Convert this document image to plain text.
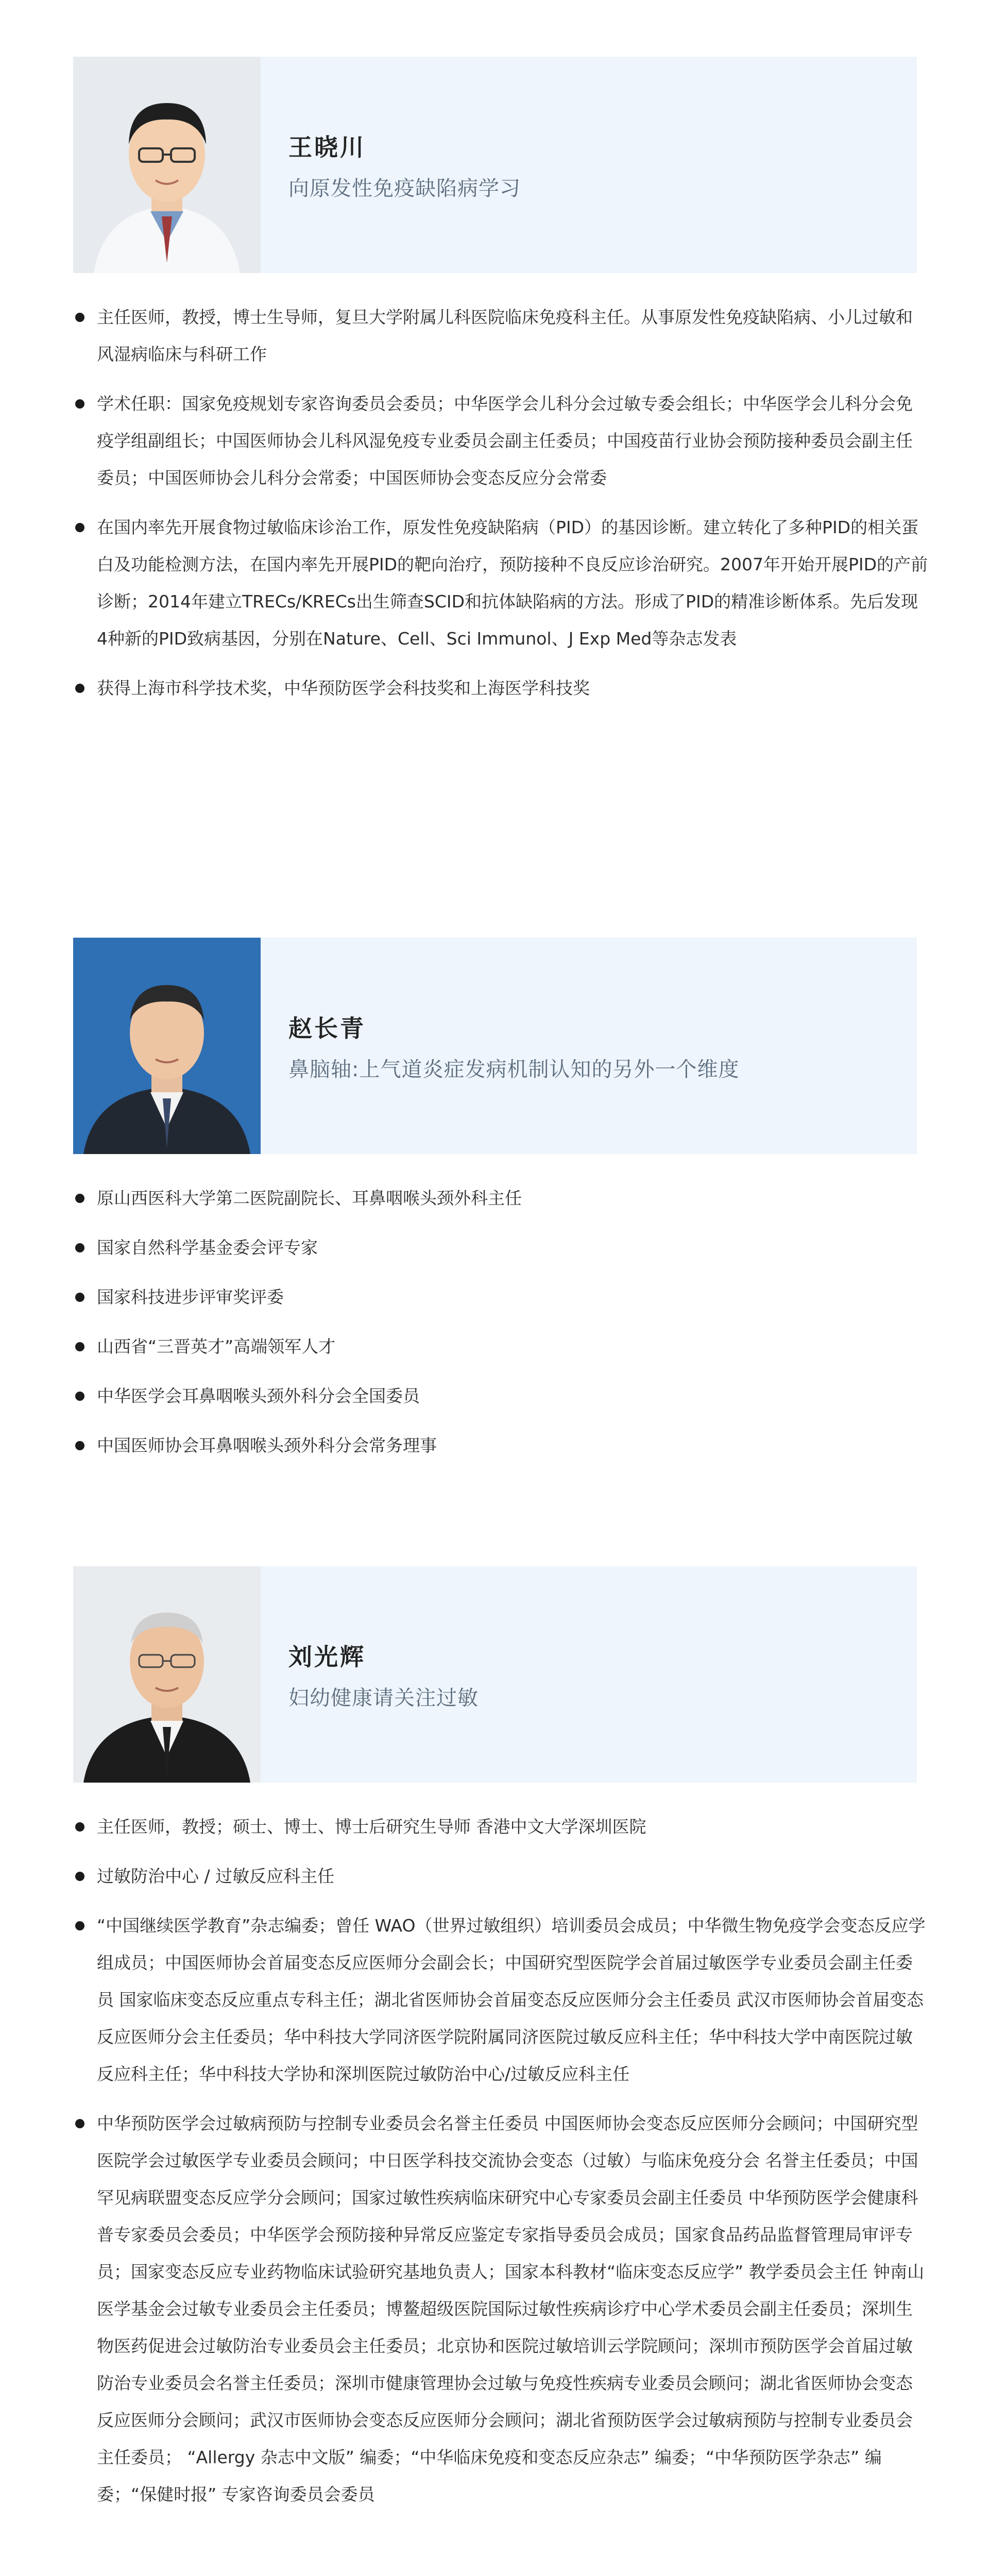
王晓川

向原发性免疫缺陷病学习

主任医师，教授，博士生导师，复旦大学附属儿科医院临床免疫科主任。从事原发性免疫缺陷病、小儿过敏和风湿病临床与科研工作
学术任职：国家免疫规划专家咨询委员会委员；中华医学会儿科分会过敏专委会组长；中华医学会儿科分会免疫学组副组长；中国医师协会儿科风湿免疫专业委员会副主任委员；中国疫苗行业协会预防接种委员会副主任委员；中国医师协会儿科分会常委；中国医师协会变态反应分会常委
在国内率先开展食物过敏临床诊治工作，原发性免疫缺陷病（PID）的基因诊断。建立转化了多种PID的相关蛋白及功能检测方法，在国内率先开展PID的靶向治疗，预防接种不良反应诊治研究。2007年开始开展PID的产前诊断；2014年建立TRECs/KRECs出生筛查SCID和抗体缺陷病的方法。形成了PID的精准诊断体系。先后发现4种新的PID致病基因，分别在Nature、Cell、Sci Immunol、J Exp Med等杂志发表
获得上海市科学技术奖，中华预防医学会科技奖和上海医学科技奖

赵长青

鼻脑轴:上气道炎症发病机制认知的另外一个维度

原山西医科大学第二医院副院长、耳鼻咽喉头颈外科主任
国家自然科学基金委会评专家
国家科技进步评审奖评委
山西省“三晋英才”高端领军人才
中华医学会耳鼻咽喉头颈外科分会全国委员
中国医师协会耳鼻咽喉头颈外科分会常务理事

刘光辉

妇幼健康请关注过敏

主任医师，教授；硕士、博士、博士后研究生导师 香港中文大学深圳医院
过敏防治中心 / 过敏反应科主任
“中国继续医学教育”杂志编委；曾任 WAO（世界过敏组织）培训委员会成员；中华微生物免疫学会变态反应学组成员；中国医师协会首届变态反应医师分会副会长；中国研究型医院学会首届过敏医学专业委员会副主任委员 国家临床变态反应重点专科主任；湖北省医师协会首届变态反应医师分会主任委员 武汉市医师协会首届变态反应医师分会主任委员；华中科技大学同济医学院附属同济医院过敏反应科主任；华中科技大学中南医院过敏反应科主任；华中科技大学协和深圳医院过敏防治中心/过敏反应科主任
中华预防医学会过敏病预防与控制专业委员会名誉主任委员 中国医师协会变态反应医师分会顾问；中国研究型医院学会过敏医学专业委员会顾问；中日医学科技交流协会变态（过敏）与临床免疫分会 名誉主任委员；中国罕见病联盟变态反应学分会顾问；国家过敏性疾病临床研究中心专家委员会副主任委员 中华预防医学会健康科普专家委员会委员；中华医学会预防接种异常反应鉴定专家指导委员会成员；国家食品药品监督管理局审评专员；国家变态反应专业药物临床试验研究基地负责人；国家本科教材“临床变态反应学” 教学委员会主任 钟南山医学基金会过敏专业委员会主任委员；博鳌超级医院国际过敏性疾病诊疗中心学术委员会副主任委员；深圳生物医药促进会过敏防治专业委员会主任委员；北京协和医院过敏培训云学院顾问；深圳市预防医学会首届过敏防治专业委员会名誉主任委员；深圳市健康管理协会过敏与免疫性疾病专业委员会顾问；湖北省医师协会变态反应医师分会顾问；武汉市医师协会变态反应医师分会顾问；湖北省预防医学会过敏病预防与控制专业委员会主任委员； “Allergy 杂志中文版” 编委；“中华临床免疫和变态反应杂志” 编委；“中华预防医学杂志” 编委；“保健时报” 专家咨询委员会委员
